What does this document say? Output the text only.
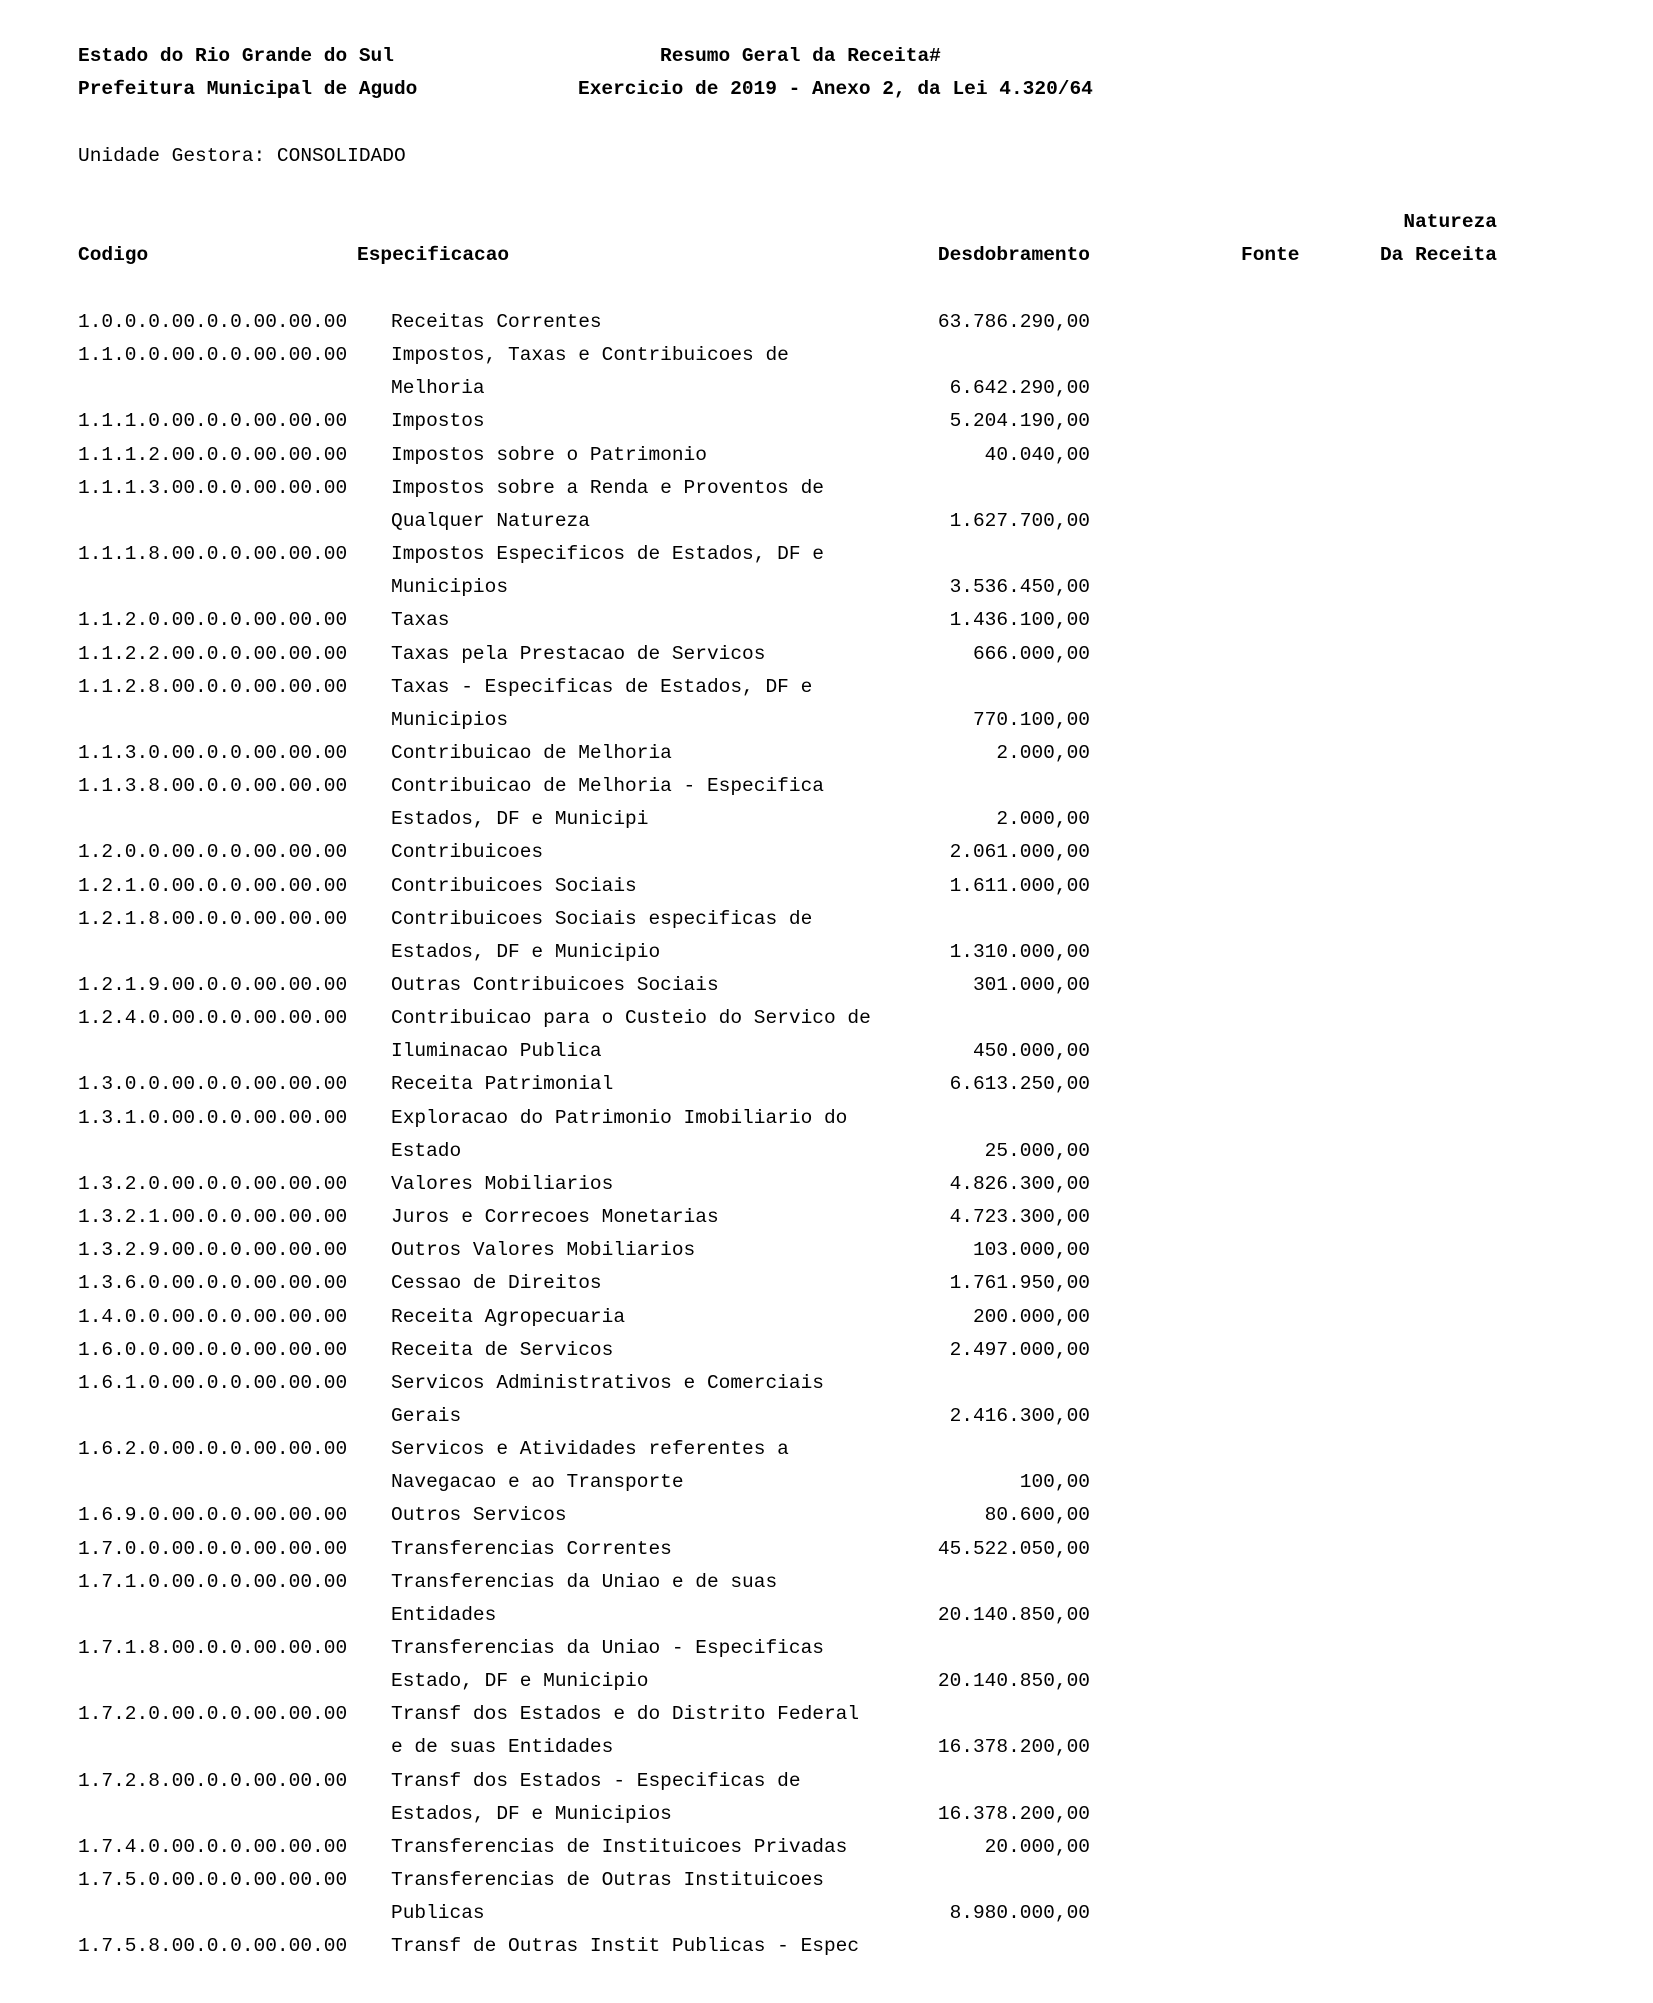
Estado do Rio Grande do Sul
Prefeitura Municipal de Agudo
Resumo Geral da Receita#
Exercicio de 2019 - Anexo 2, da Lei 4.320/64
Unidade Gestora: CONSOLIDADO
Codigo	Especificacao	Desdobramento	Fonte
Natureza
Da Receita
1.0.0.0.00.0.0.00.00.00 Receitas Correntes	63.786.290,00
1.1.0.0.00.0.0.00.00.00 Impostos, Taxas e Contribuicoes de
Melhoria	6.642.290,00
1.1.1.0.00.0.0.00.00.00 Impostos	5.204.190,00
1.1.1.2.00.0.0.00.00.00 Impostos sobre o Patrimonio	40.040,00
1.1.1.3.00.0.0.00.00.00 Impostos sobre a Renda e Proventos de
Qualquer Natureza	1.627.700,00
1.1.1.8.00.0.0.00.00.00 Impostos Especificos de Estados, DF e
Municipios	3.536.450,00
1.1.2.0.00.0.0.00.00.00 Taxas	1.436.100,00
1.1.2.2.00.0.0.00.00.00 Taxas pela Prestacao de Servicos	666.000,00
1.1.2.8.00.0.0.00.00.00 Taxas - Especificas de Estados, DF e
Municipios	770.100,00
1.1.3.0.00.0.0.00.00.00 Contribuicao de Melhoria	2.000,00
1.1.3.8.00.0.0.00.00.00 Contribuicao de Melhoria - Especifica
Estados, DF e Municipi	2.000,00
1.2.0.0.00.0.0.00.00.00 Contribuicoes	2.061.000,00
1.2.1.0.00.0.0.00.00.00 Contribuicoes Sociais	1.611.000,00
1.2.1.8.00.0.0.00.00.00 Contribuicoes Sociais especificas de
Estados, DF e Municipio	1.310.000,00
1.2.1.9.00.0.0.00.00.00 Outras Contribuicoes Sociais	301.000,00
1.2.4.0.00.0.0.00.00.00 Contribuicao para o Custeio do Servico de
Iluminacao Publica	450.000,00
1.3.0.0.00.0.0.00.00.00 Receita Patrimonial	6.613.250,00
1.3.1.0.00.0.0.00.00.00 Exploracao do Patrimonio Imobiliario do
Estado	25.000,00
1.3.2.0.00.0.0.00.00.00 Valores Mobiliarios	4.826.300,00
1.3.2.1.00.0.0.00.00.00 Juros e Correcoes Monetarias	4.723.300,00
1.3.2.9.00.0.0.00.00.00 Outros Valores Mobiliarios	103.000,00
1.3.6.0.00.0.0.00.00.00 Cessao de Direitos	1.761.950,00
1.4.0.0.00.0.0.00.00.00 Receita Agropecuaria	200.000,00
1.6.0.0.00.0.0.00.00.00 Receita de Servicos	2.497.000,00
1.6.1.0.00.0.0.00.00.00 Servicos Administrativos e Comerciais
Gerais	2.416.300,00
1.6.2.0.00.0.0.00.00.00 Servicos e Atividades referentes a
Navegacao e ao Transporte	100,00
1.6.9.0.00.0.0.00.00.00 Outros Servicos	80.600,00
1.7.0.0.00.0.0.00.00.00 Transferencias Correntes	45.522.050,00
1.7.1.0.00.0.0.00.00.00 Transferencias da Uniao e de suas
Entidades	20.140.850,00
1.7.1.8.00.0.0.00.00.00 Transferencias da Uniao - Especificas
Estado, DF e Municipio	20.140.850,00
1.7.2.0.00.0.0.00.00.00 Transf dos Estados e do Distrito Federal
e de suas Entidades	16.378.200,00
1.7.2.8.00.0.0.00.00.00 Transf dos Estados - Especificas de
Estados, DF e Municipios	16.378.200,00
1.7.4.0.00.0.0.00.00.00 Transferencias de Instituicoes Privadas	20.000,00
1.7.5.0.00.0.0.00.00.00 Transferencias de Outras Instituicoes
Publicas	8.980.000,00
1.7.5.8.00.0.0.00.00.00 Transf de Outras Instit Publicas - Espec
